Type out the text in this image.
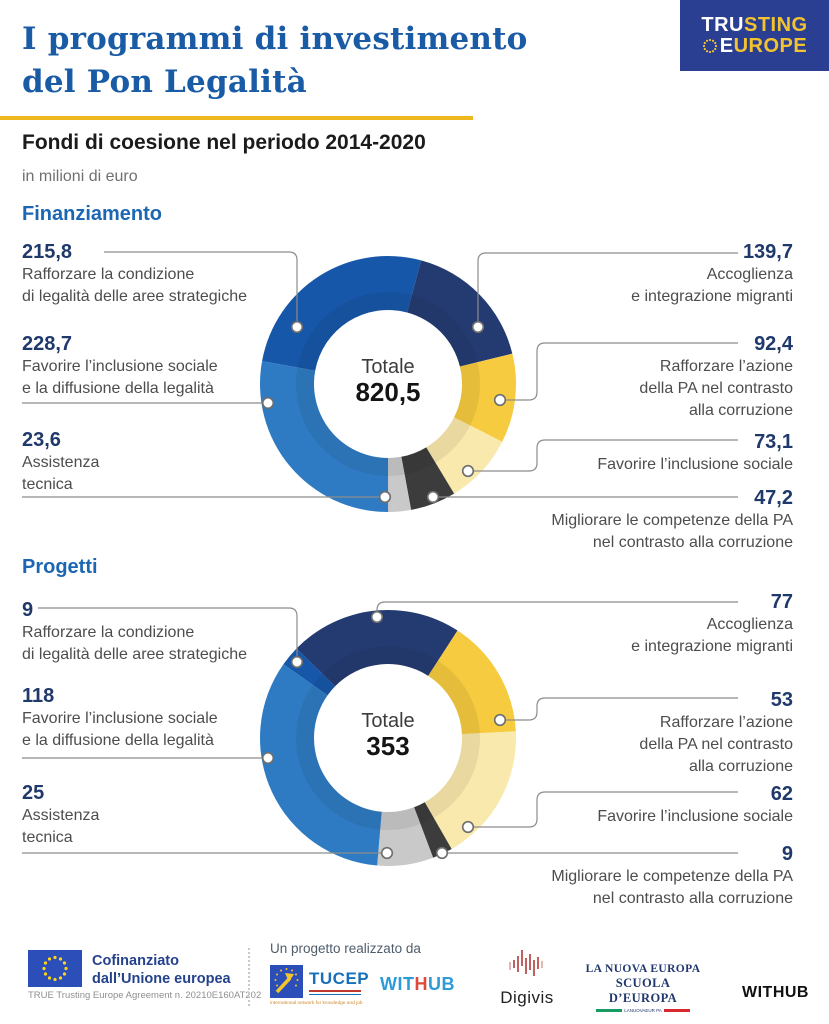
I programmi di investimento
del Pon Legalità
Fondi di coesione nel periodo 2014-2020
in milioni di euro
TRU STING
E UROPE
Finanziamento
Progetti
Cofinanziato
dall’Unione europea
TRUE Trusting Europe Agreement n. 20210E160AT202
Un progetto realizzato da
TUCEP
international network for knowledge and job
WITHUB
Digivis
LA NUOVA EUROPA
SCUOLA D’EUROPA
LANUOVAEUR PA
WITHUB
215,8
Rafforzare la condizione
di legalità delle aree strategiche
139,7
Accoglienza
e integrazione migranti
92,4
Rafforzare l’azione
della PA nel contrasto
alla corruzione
73,1
Favorire l’inclusione sociale
47,2
Migliorare le competenze della PA
nel contrasto alla corruzione
23,6
Assistenza
tecnica
228,7
Favorire l’inclusione sociale
e la diffusione della legalità
Totale
820,5
9
Rafforzare la condizione
di legalità delle aree strategiche
77
Accoglienza
e integrazione migranti
53
Rafforzare l’azione
della PA nel contrasto
alla corruzione
62
Favorire l’inclusione sociale
9
Migliorare le competenze della PA
nel contrasto alla corruzione
25
Assistenza
tecnica
118
Favorire l’inclusione sociale
e la diffusione della legalità
Totale
353
